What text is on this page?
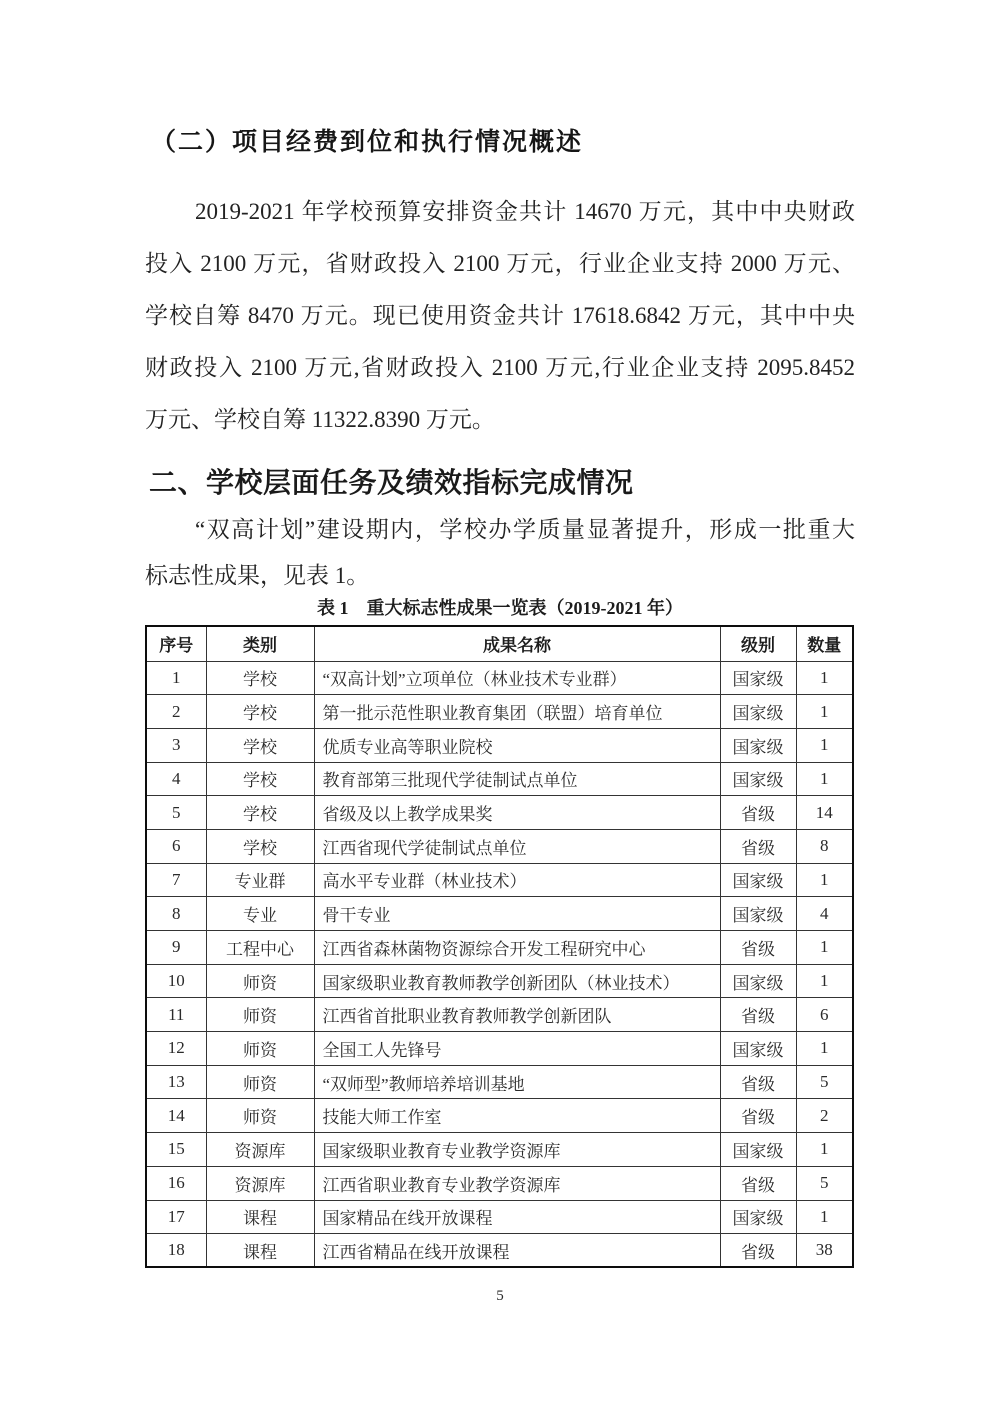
（二）项目经费到位和执行情况概述
2019-2021 年学校预算安排资金共计 14670 万元，其中中央财政
投入 2100 万元，省财政投入 2100 万元，行业企业支持 2000 万元、
学校自筹 8470 万元。现已使用资金共计 17618.6842 万元，其中中央
财政投入 2100 万元,省财政投入 2100 万元,行业企业支持 2095.8452
万元、学校自筹 11322.8390 万元。
二、学校层面任务及绩效指标完成情况
“双高计划”建设期内，学校办学质量显著提升，形成一批重大
标志性成果，见表 1。
表 1　重大标志性成果一览表（2019-2021 年）
序号	类别	成果名称	级别	数量
1	学校	“双高计划”立项单位（林业技术专业群）	国家级	1
2	学校	第一批示范性职业教育集团（联盟）培育单位	国家级	1
3	学校	优质专业高等职业院校	国家级	1
4	学校	教育部第三批现代学徒制试点单位	国家级	1
5	学校	省级及以上教学成果奖	省级	14
6	学校	江西省现代学徒制试点单位	省级	8
7	专业群	高水平专业群（林业技术）	国家级	1
8	专业	骨干专业	国家级	4
9	工程中心	江西省森林菌物资源综合开发工程研究中心	省级	1
10	师资	国家级职业教育教师教学创新团队（林业技术）	国家级	1
11	师资	江西省首批职业教育教师教学创新团队	省级	6
12	师资	全国工人先锋号	国家级	1
13	师资	“双师型”教师培养培训基地	省级	5
14	师资	技能大师工作室	省级	2
15	资源库	国家级职业教育专业教学资源库	国家级	1
16	资源库	江西省职业教育专业教学资源库	省级	5
17	课程	国家精品在线开放课程	国家级	1
18	课程	江西省精品在线开放课程	省级	38
5
